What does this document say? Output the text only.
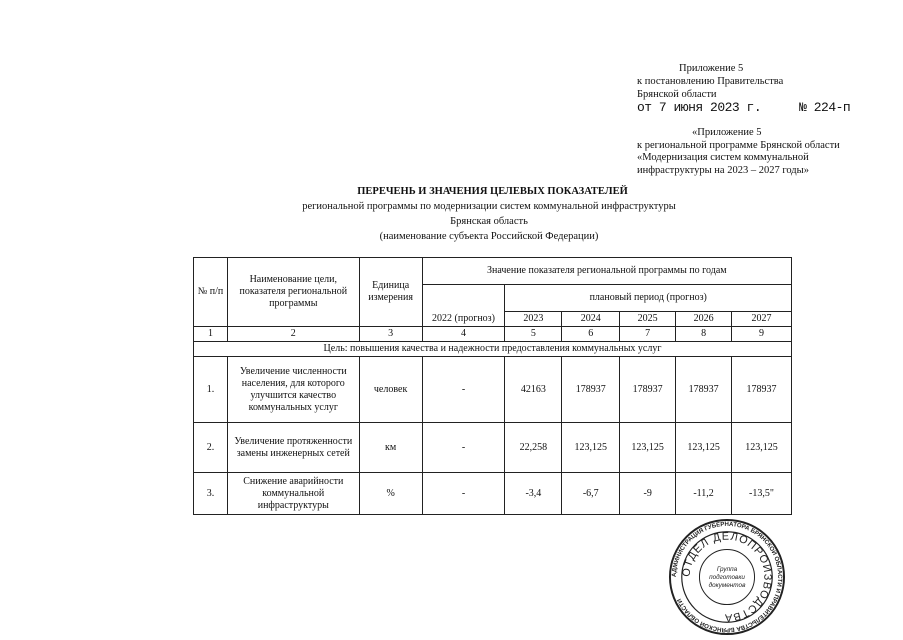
Приложение 5
к постановлению Правительства
Брянской области
от 7 июня 2023 г.	№ 224-п
«Приложение 5
к региональной программе Брянской области
«Модернизация систем коммунальной
инфраструктуры на 2023 – 2027 годы»
ПЕРЕЧЕНЬ И ЗНАЧЕНИЯ ЦЕЛЕВЫХ ПОКАЗАТЕЛЕЙ
региональной программы по модернизации систем коммунальной инфраструктуры
Брянская область
(наименование субъекта Российской Федерации)
№ п/п	Наименование цели, показателя региональной программы	Единица измерения	Значение показателя региональной программы по годам					
			2022 (прогноз)	плановый период (прогноз)				
				2023	2024	2025	2026	2027
1	2	3	4	5	6	7	8	9
Цель: повышения качества и надежности предоставления коммунальных услуг								
1.	Увеличение численности населения, для которого улучшится качество коммунальных услуг	человек	-	42163	178937	178937	178937	178937
2.	Увеличение протяженности замены инженерных сетей	км	-	22,258	123,125	123,125	123,125	123,125
3.	Снижение аварийности коммунальной инфраструктуры	%	-	-3,4	-6,7	-9	-11,2	-13,5"
АДМИНИСТРАЦИЯ ГУБЕРНАТОРА БРЯНСКОЙ ОБЛАСТИ И ПРАВИТЕЛЬСТВА БРЯНСКОЙ ОБЛАСТИ
ОТДЕЛ ДЕЛОПРОИЗВОДСТВА
Группа
подготовки
документов
